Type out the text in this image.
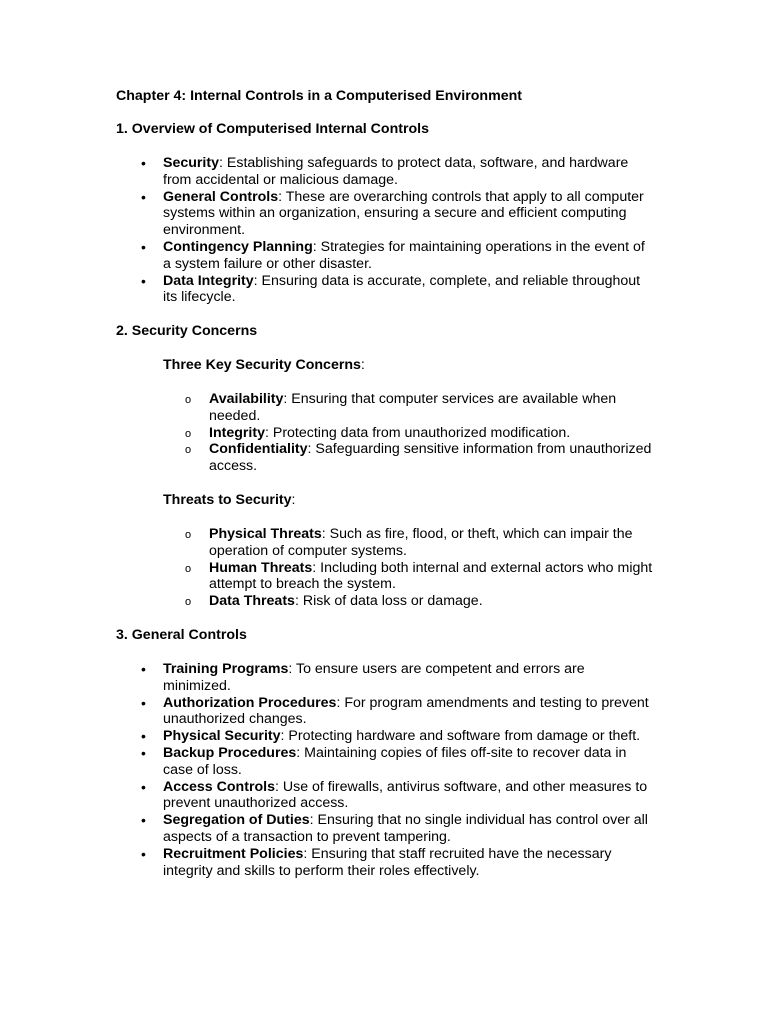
Chapter 4: Internal Controls in a Computerised Environment
1. Overview of Computerised Internal Controls
• Security: Establishing safeguards to protect data, software, and hardware from accidental or malicious damage.
• General Controls: These are overarching controls that apply to all computer systems within an organization, ensuring a secure and efficient computing environment.
• Contingency Planning: Strategies for maintaining operations in the event of a system failure or other disaster.
• Data Integrity: Ensuring data is accurate, complete, and reliable throughout its lifecycle.
2. Security Concerns

Three Key Security Concerns:

o Availability: Ensuring that computer services are available when needed.
o Integrity: Protecting data from unauthorized modification.
o Confidentiality: Safeguarding sensitive information from unauthorized access.

Threats to Security:

o Physical Threats: Such as fire, flood, or theft, which can impair the operation of computer systems.
o Human Threats: Including both internal and external actors who might attempt to breach the system.
o Data Threats: Risk of data loss or damage.
3. General Controls
• Training Programs: To ensure users are competent and errors are minimized.
• Authorization Procedures: For program amendments and testing to prevent unauthorized changes.
• Physical Security: Protecting hardware and software from damage or theft.
• Backup Procedures: Maintaining copies of files off-site to recover data in case of loss.
• Access Controls: Use of firewalls, antivirus software, and other measures to prevent unauthorized access.
• Segregation of Duties: Ensuring that no single individual has control over all aspects of a transaction to prevent tampering.
• Recruitment Policies: Ensuring that staff recruited have the necessary integrity and skills to perform their roles effectively.
